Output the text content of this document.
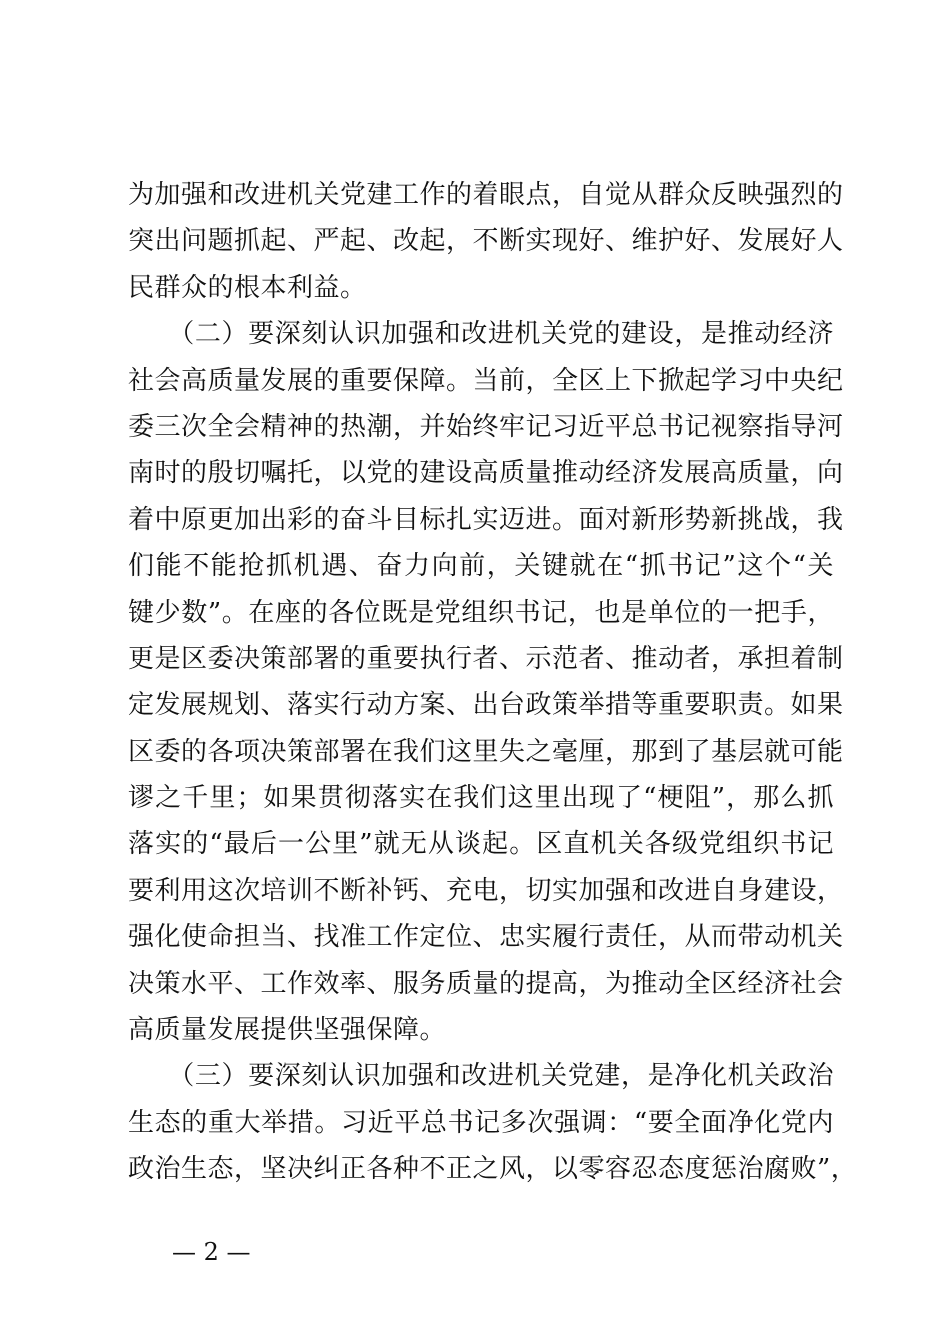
为加强和改进机关党建工作的着眼点，自觉从群众反映强烈的
突出问题抓起、严起、改起，不断实现好、维护好、发展好人
民群众的根本利益。
　　（二）要深刻认识加强和改进机关党的建设，是推动经济
社会高质量发展的重要保障。当前，全区上下掀起学习中央纪
委三次全会精神的热潮，并始终牢记习近平总书记视察指导河
南时的殷切嘱托，以党的建设高质量推动经济发展高质量，向
着中原更加出彩的奋斗目标扎实迈进。面对新形势新挑战，我
们能不能抢抓机遇、奋力向前，关键就在“抓书记”这个“关
键少数”。在座的各位既是党组织书记，也是单位的一把手，
更是区委决策部署的重要执行者、示范者、推动者，承担着制
定发展规划、落实行动方案、出台政策举措等重要职责。如果
区委的各项决策部署在我们这里失之毫厘，那到了基层就可能
谬之千里；如果贯彻落实在我们这里出现了“梗阻”，那么抓
落实的“最后一公里”就无从谈起。区直机关各级党组织书记
要利用这次培训不断补钙、充电，切实加强和改进自身建设，
强化使命担当、找准工作定位、忠实履行责任，从而带动机关
决策水平、工作效率、服务质量的提高，为推动全区经济社会
高质量发展提供坚强保障。
　　（三）要深刻认识加强和改进机关党建，是净化机关政治
生态的重大举措。习近平总书记多次强调：“要全面净化党内
政治生态，坚决纠正各种不正之风，以零容忍态度惩治腐败”，
— 2 —
